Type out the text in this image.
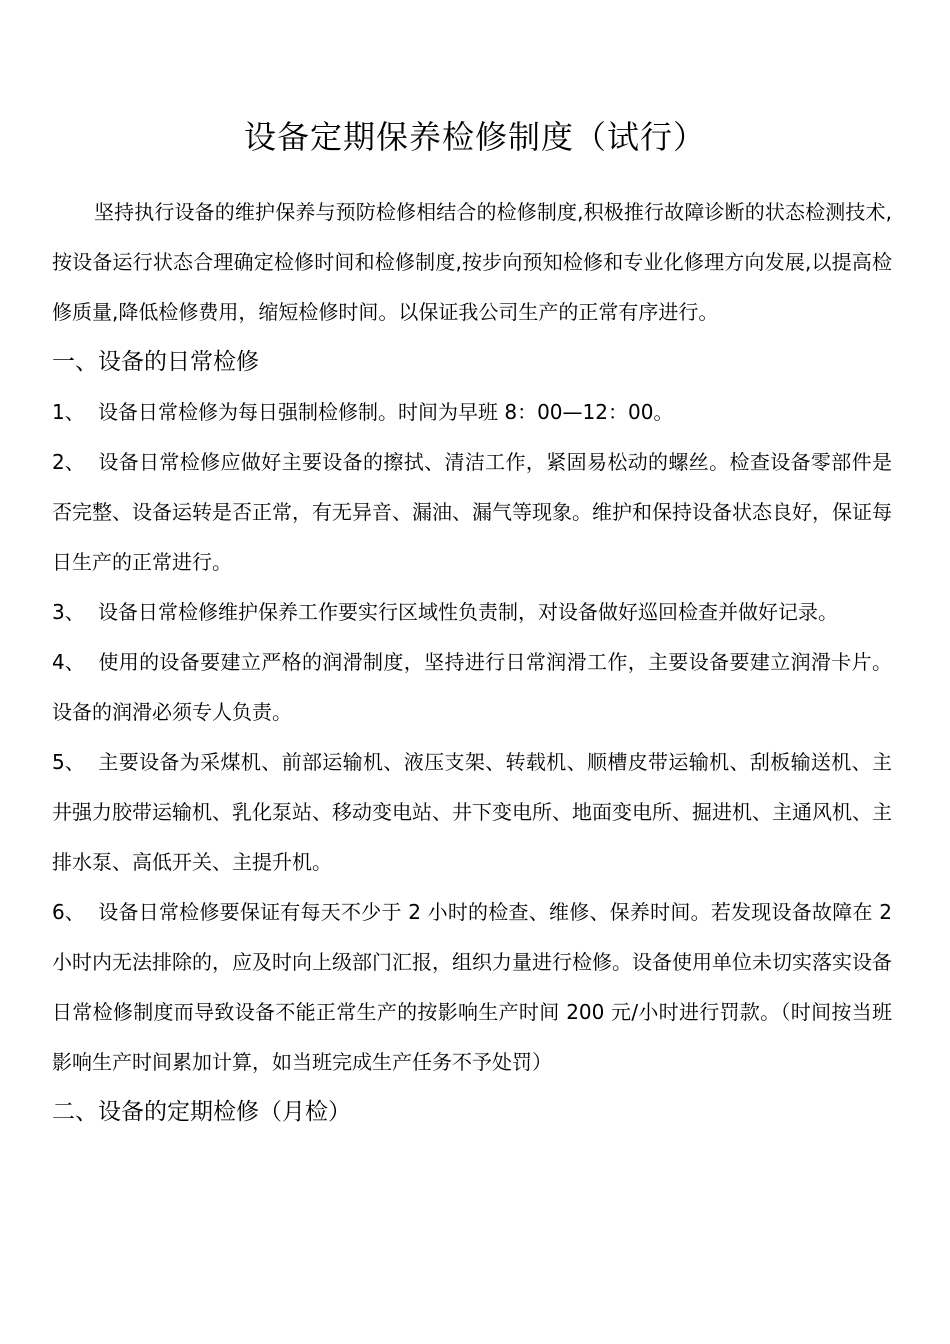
设备定期保养检修制度（试行）

坚持执行设备的维护保养与预防检修相结合的检修制度,积极推行故障诊断的状态检测技术,按设备运行状态合理确定检修时间和检修制度,按步向预知检修和专业化修理方向发展,以提高检修质量,降低检修费用，缩短检修时间。以保证我公司生产的正常有序进行。

一、设备的日常检修

1、 设备日常检修为每日强制检修制。时间为早班 8：00—12：00。

2、 设备日常检修应做好主要设备的擦拭、清洁工作，紧固易松动的螺丝。检查设备零部件是否完整、设备运转是否正常，有无异音、漏油、漏气等现象。维护和保持设备状态良好，保证每日生产的正常进行。

3、 设备日常检修维护保养工作要实行区域性负责制，对设备做好巡回检查并做好记录。

4、 使用的设备要建立严格的润滑制度，坚持进行日常润滑工作，主要设备要建立润滑卡片。设备的润滑必须专人负责。

5、 主要设备为采煤机、前部运输机、液压支架、转载机、顺槽皮带运输机、刮板输送机、主井强力胶带运输机、乳化泵站、移动变电站、井下变电所、地面变电所、掘进机、主通风机、主排水泵、高低开关、主提升机。

6、 设备日常检修要保证有每天不少于 2 小时的检查、维修、保养时间。若发现设备故障在 2 小时内无法排除的，应及时向上级部门汇报，组织力量进行检修。设备使用单位未切实落实设备日常检修制度而导致设备不能正常生产的按影响生产时间 200 元/小时进行罚款。（时间按当班影响生产时间累加计算，如当班完成生产任务不予处罚）

二、设备的定期检修（月检）
